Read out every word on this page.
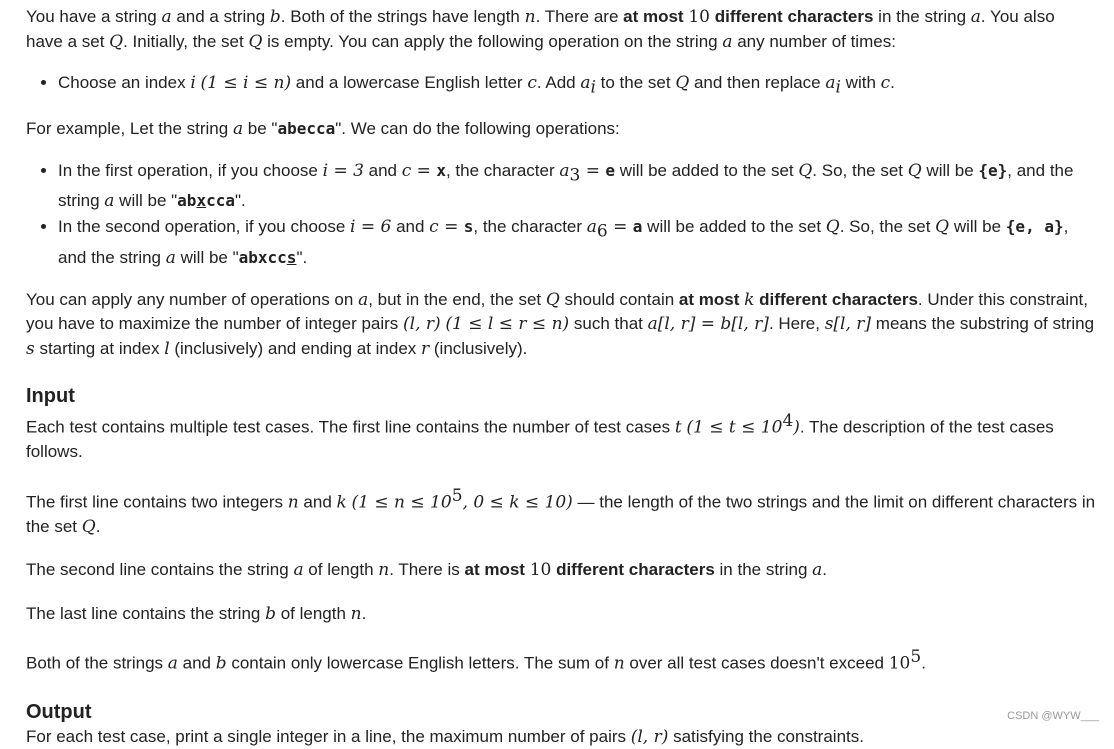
You have a string a and a string b. Both of the strings have length n. There are at most 10 different characters in the string a. You also have a set Q. Initially, the set Q is empty. You can apply the following operation on the string a any number of times:

• Choose an index i (1 ≤ i ≤ n) and a lowercase English letter c. Add $a_i$ to the set Q and then replace $a_i$ with c.

For example, Let the string a be "abecca". We can do the following operations:

• In the first operation, if you choose i = 3 and c = x, the character $a_3 = e$ will be added to the set Q. So, the set Q will be {e}, and the string a will be "abxcca".
• In the second operation, if you choose i = 6 and c = s, the character $a_6 = a$ will be added to the set Q. So, the set Q will be {e, a}, and the string a will be "abxccs".

You can apply any number of operations on a, but in the end, the set Q should contain at most k different characters. Under this constraint, you have to maximize the number of integer pairs (l, r) (1 ≤ l ≤ r ≤ n) such that a[l, r] = b[l, r]. Here, s[l, r] means the substring of string s starting at index l (inclusively) and ending at index r (inclusively).

Input

Each test contains multiple test cases. The first line contains the number of test cases t $(1 \le t \le 10^4)$. The description of the test cases follows.

The first line contains two integers n and k ($1 \le n \le 10^5$, 0 ≤ k ≤ 10) — the length of the two strings and the limit on different characters in the set Q.

The second line contains the string a of length n. There is at most 10 different characters in the string a.

The last line contains the string b of length n.

Both of the strings a and b contain only lowercase English letters. The sum of n over all test cases doesn't exceed $10^5$.

Output

For each test case, print a single integer in a line, the maximum number of pairs (l, r) satisfying the constraints.

CSDN @WYW___
